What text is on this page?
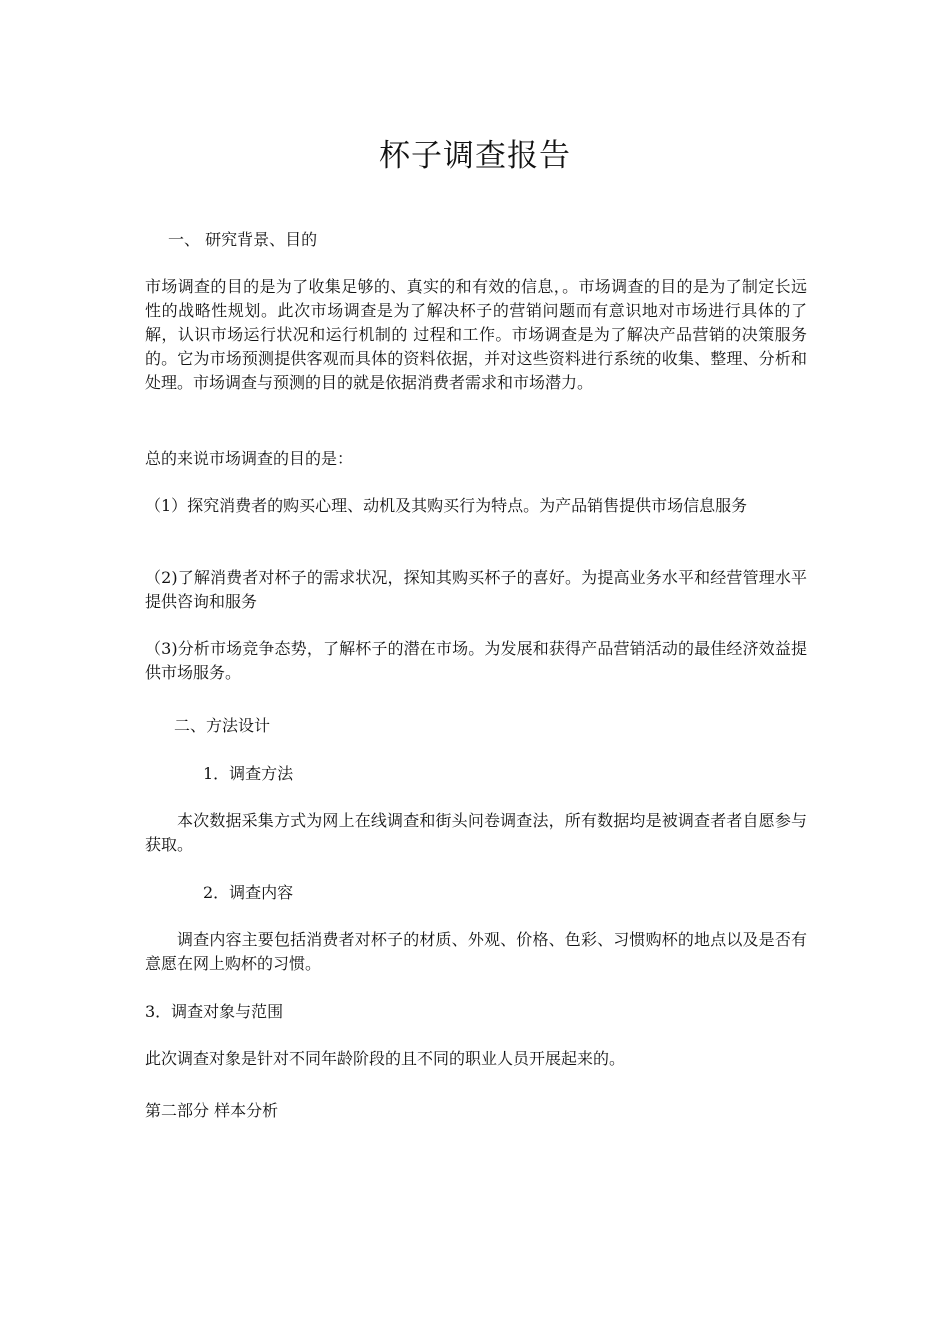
杯子调查报告

一、 研究背景、目的

市场调查的目的是为了收集足够的、真实的和有效的信息，。市场调查的目的是为了制定长远性的战略性规划。此次市场调查是为了解决杯子的营销问题而有意识地对市场进行具体的了解，认识市场运行状况和运行机制的 过程和工作。市场调查是为了解决产品营销的决策服务的。它为市场预测提供客观而具体的资料依据，并对这些资料进行系统的收集、整理、分析和处理。市场调查与预测的目的就是依据消费者需求和市场潜力。

总的来说市场调查的目的是：

（1）探究消费者的购买心理、动机及其购买行为特点。为产品销售提供市场信息服务

（2)了解消费者对杯子的需求状况，探知其购买杯子的喜好。为提高业务水平和经营管理水平提供咨询和服务

（3)分析市场竞争态势，了解杯子的潜在市场。为发展和获得产品营销活动的最佳经济效益提供市场服务。

二、方法设计

1．调查方法

本次数据采集方式为网上在线调查和街头问卷调查法，所有数据均是被调查者者自愿参与获取。

2．调查内容

调查内容主要包括消费者对杯子的材质、外观、价格、色彩、习惯购杯的地点以及是否有意愿在网上购杯的习惯。

3．调查对象与范围

此次调查对象是针对不同年龄阶段的且不同的职业人员开展起来的。

第二部分 样本分析
